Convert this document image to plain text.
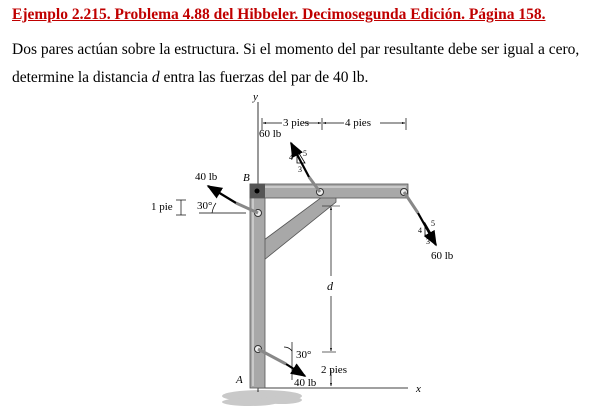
Ejemplo 2.215. Problema 4.88 del Hibbeler. Decimosegunda Edición. Página 158.
Dos pares actúan sobre la estructura. Si el momento del par resultante debe ser igual a cero,
determine la distancia d entra las fuerzas del par de 40 lb.
y
x
4 5
3
4
5
3
3 pies	4 pies
60 lb
B
40 lb
1 pie 30°
60 lb
d
30°
2 pies
40 lb
A
